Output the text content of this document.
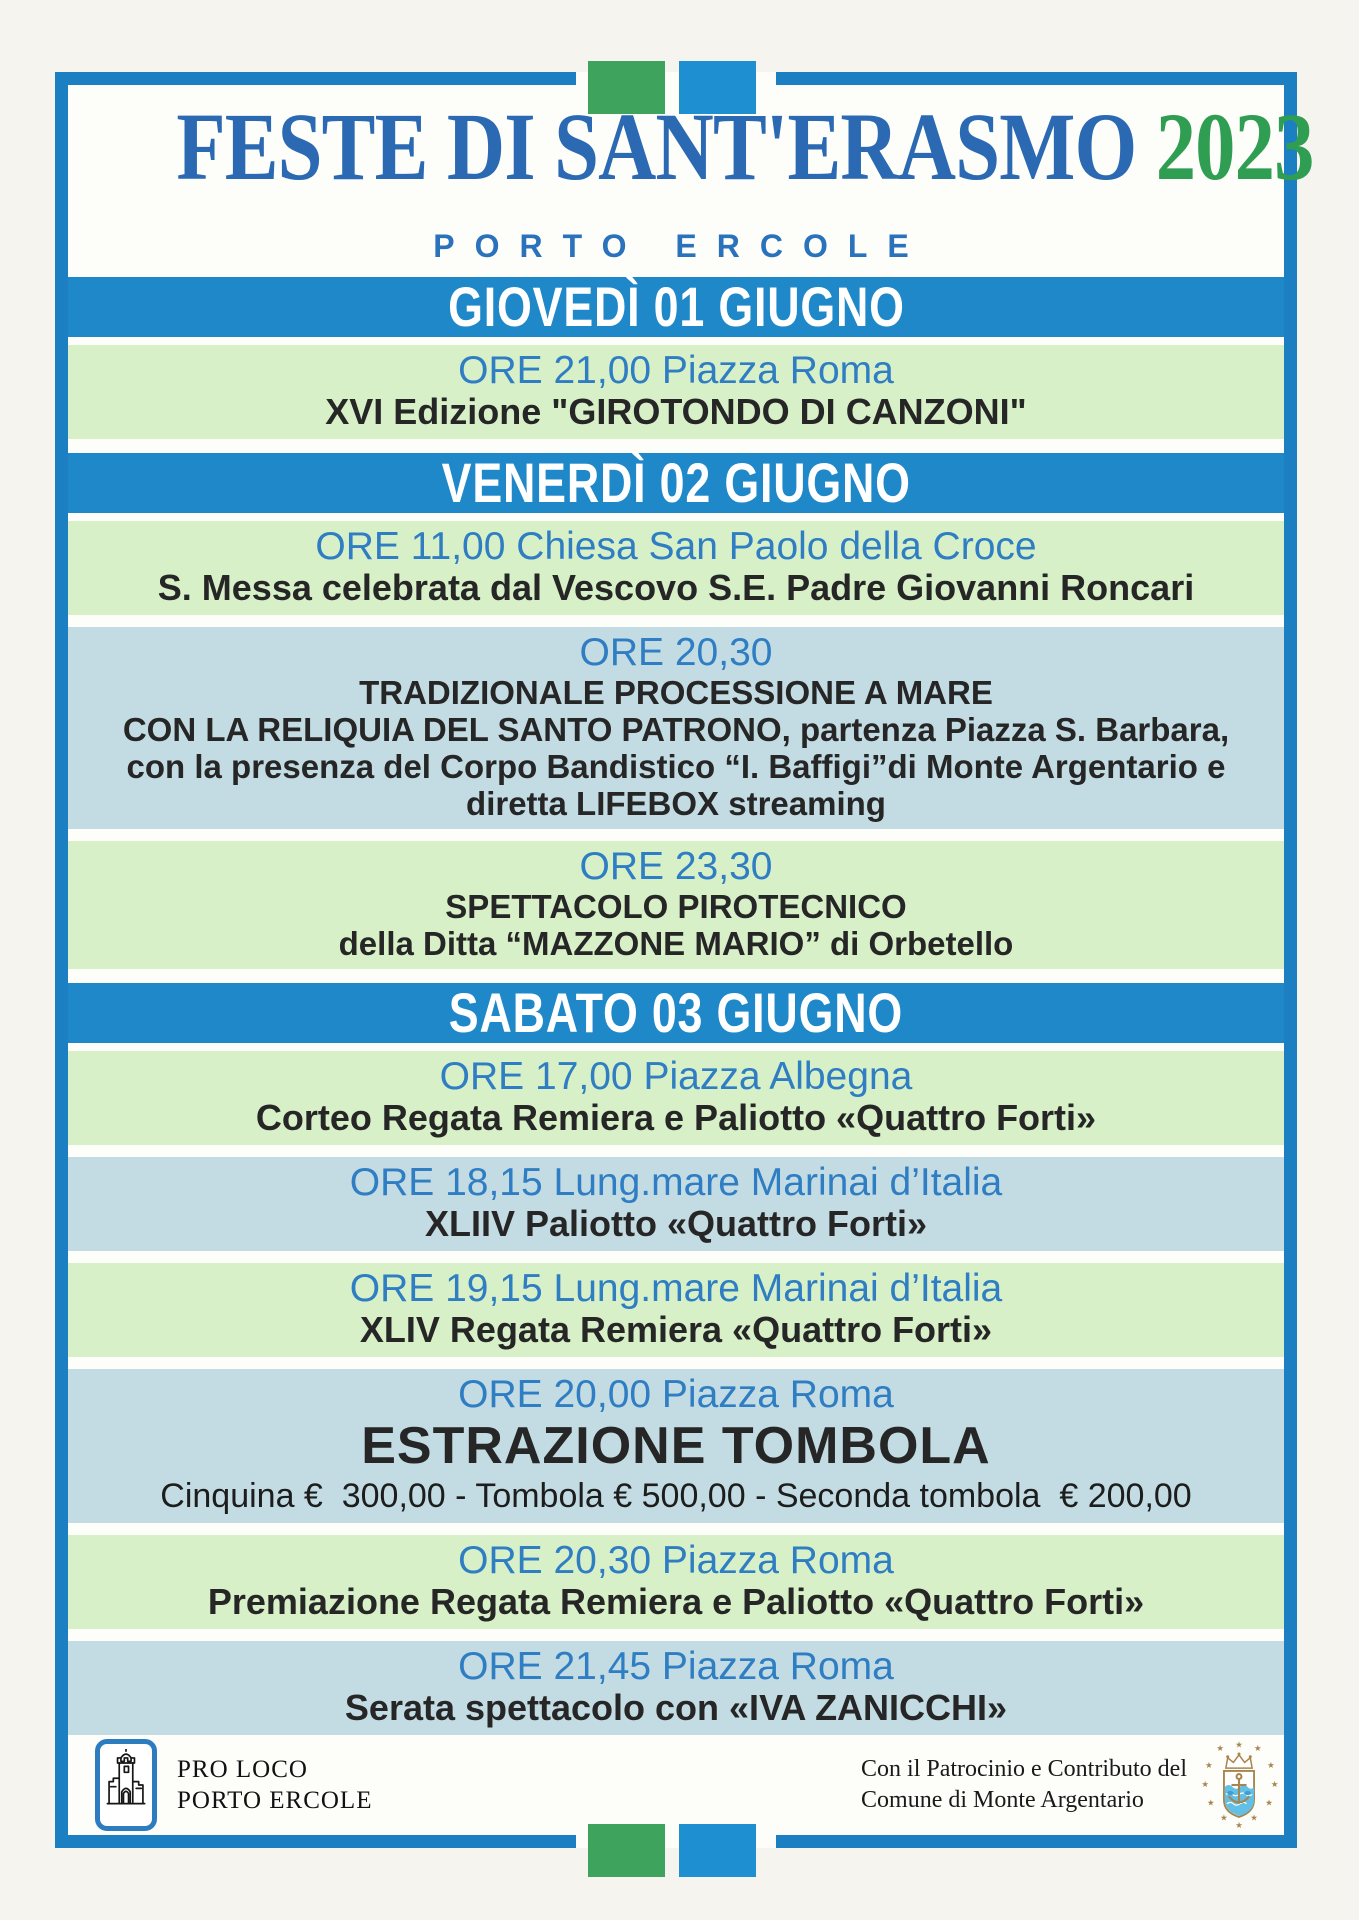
FESTE DI SANT'ERASMO 2023
PORTO ERCOLE
GIOVEDÌ 01 GIUGNO
ORE 21,00 Piazza Roma
XVI Edizione "GIROTONDO DI CANZONI"
VENERDÌ 02 GIUGNO
ORE 11,00 Chiesa San Paolo della Croce
S. Messa celebrata dal Vescovo S.E. Padre Giovanni Roncari
ORE 20,30
TRADIZIONALE PROCESSIONE A MARE
CON LA RELIQUIA DEL SANTO PATRONO, partenza Piazza S. Barbara,
con la presenza del Corpo Bandistico “I. Baffigi”di Monte Argentario e
diretta LIFEBOX streaming
ORE 23,30
SPETTACOLO PIROTECNICO
della Ditta “MAZZONE MARIO” di Orbetello
SABATO 03 GIUGNO
ORE 17,00 Piazza Albegna
Corteo Regata Remiera e Paliotto «Quattro Forti»
ORE 18,15 Lung.mare Marinai d’Italia
XLIIV Paliotto «Quattro Forti»
ORE 19,15 Lung.mare Marinai d’Italia
XLIV Regata Remiera «Quattro Forti»
ORE 20,00 Piazza Roma
ESTRAZIONE TOMBOLA
Cinquina €  300,00 - Tombola € 500,00 - Seconda tombola  € 200,00
ORE 20,30 Piazza Roma
Premiazione Regata Remiera e Paliotto «Quattro Forti»
ORE 21,45 Piazza Roma
Serata spettacolo con «IVA ZANICCHI»
PRO LOCO
PORTO ERCOLE
Con il Patrocinio e Contributo del
Comune di Monte Argentario
★
★	★
★	★
★	★
★	★
★	★
★
